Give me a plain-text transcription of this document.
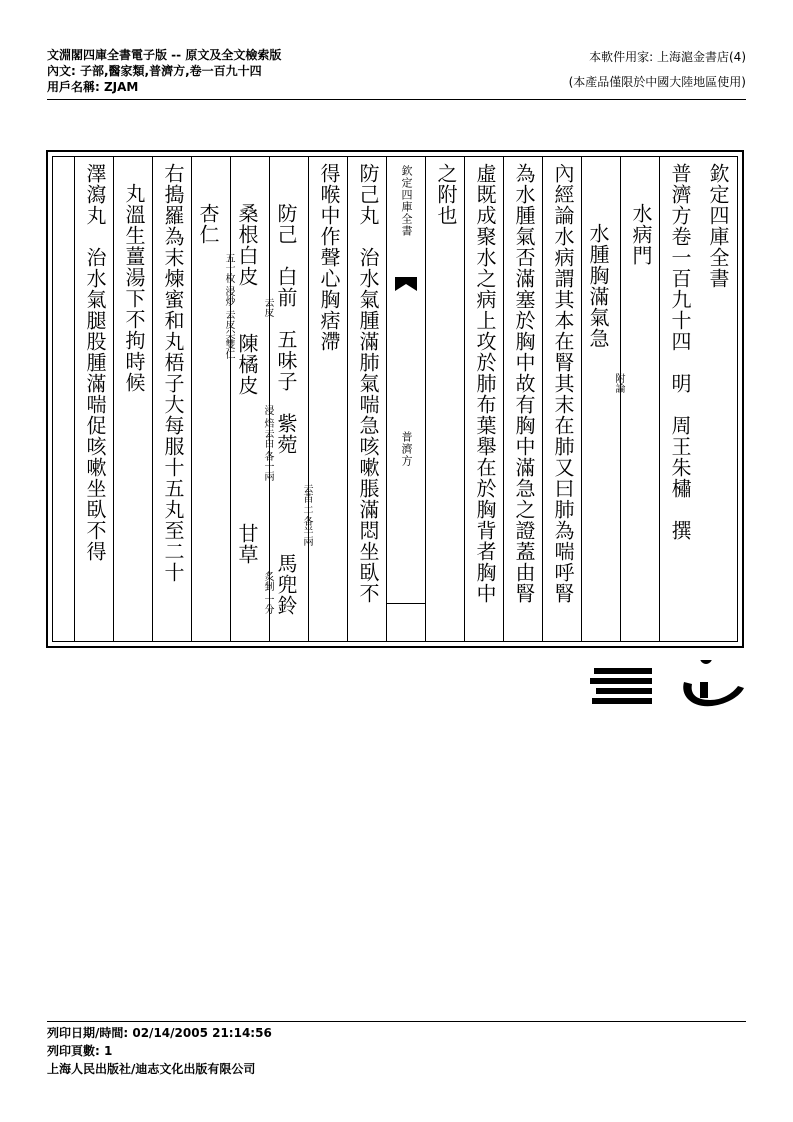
文淵閣四庫全書電子版 -- 原文及全文檢索版
內文: 子部,醫家類,普濟方,卷一百九十四
用戶名稱: ZJAM
本軟件用家: 上海滬金書店(4)
(本產品僅限於中國大陸地區使用)
欽定四庫全書
普濟方卷一百九十四　明　周王朱橚　撰
水病門
水腫胸滿氣急
附論
內經論水病謂其本在腎其末在肺又曰肺為喘呼腎
為水腫氣否滿塞於胸中故有胸中滿急之證蓋由腎
虛既成聚水之病上攻於肺布葉舉在於胸背者胸中
之附也
欽定四庫全書
普濟方
防己丸　治水氣腫滿肺氣喘急咳嗽脹滿悶坐臥不
得喉中作聲心胸痞滯
防己　白前　五味子　紫菀
去苗土 各半兩
馬兜鈴
桑根白皮
去皮
陳橘皮
浸 焙去白 各一兩
甘草
炙剉 一分
杏仁
五十枚 浸炒 去皮尖雙仁
右搗羅為末煉蜜和丸梧子大每服十五丸至二十
丸溫生薑湯下不拘時候
澤瀉丸　治水氣腿股腫滿喘促咳嗽坐臥不得
列印日期/時間: 02/14/2005 21:14:56
列印頁數: 1
上海人民出版社/迪志文化出版有限公司
